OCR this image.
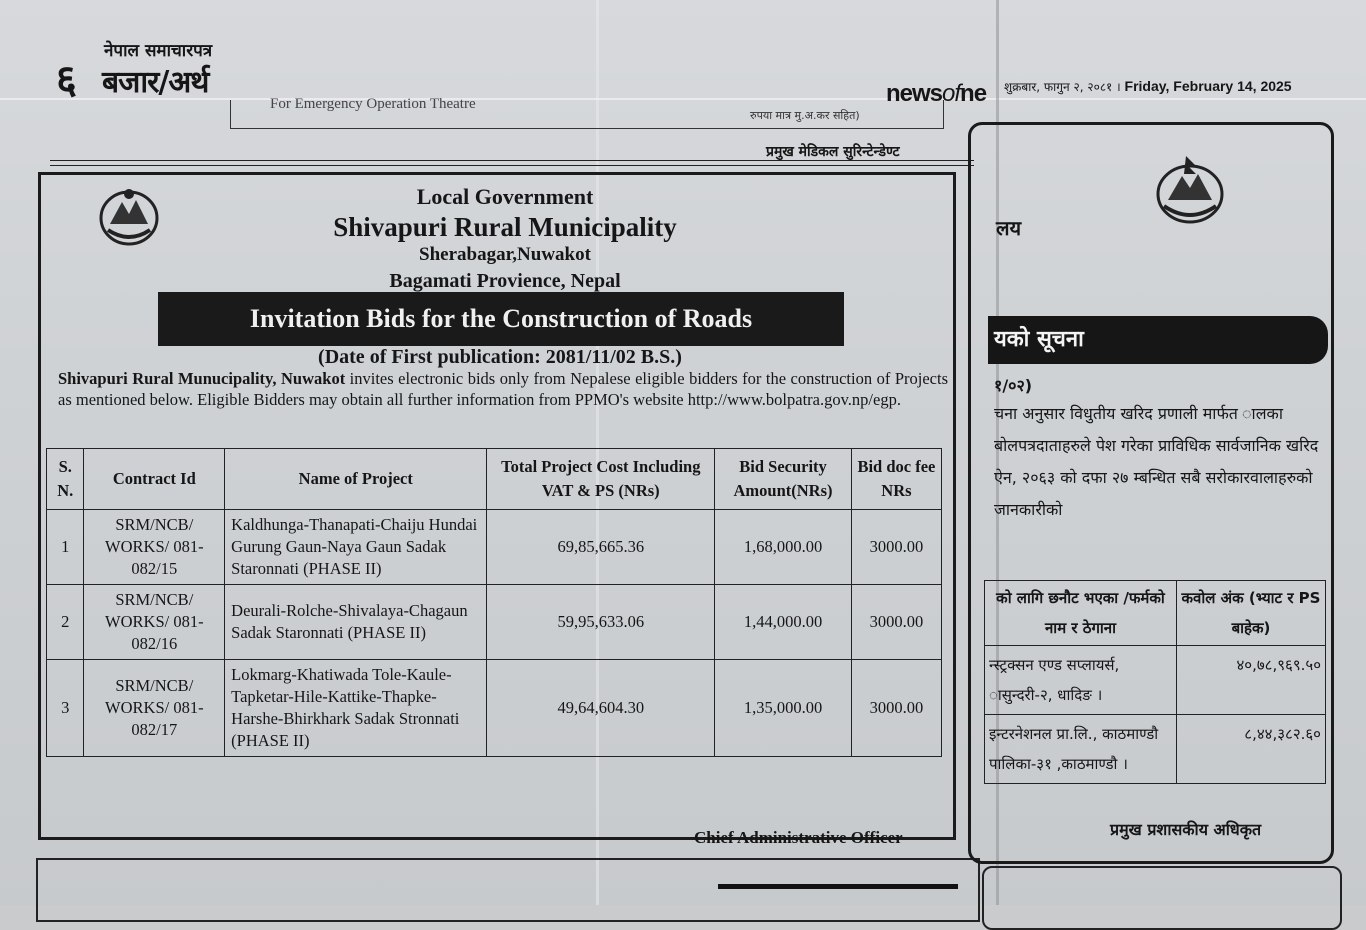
६
नेपाल समाचारपत्र
बजार/अर्थ	newsofne शुक्रबार, फागुन २, २०८१ । Friday, February 14, 2025
For Emergency Operation Theatre
रुपया मात्र मु.अ.कर सहित)
प्रमुख मेडिकल सुरिन्टेन्डेण्ट
Local Government
Shivapuri Rural Municipality
Sherabagar,Nuwakot
Bagamati Provience, Nepal
Invitation Bids for the Construction of Roads
(Date of First publication: 2081/11/02 B.S.)
Shivapuri Rural Munucipality, Nuwakot invites electronic bids only from Nepalese eligible bidders for the construction of Projects as mentioned below. Eligible Bidders may obtain all further information from PPMO's website http://www.bolpatra.gov.np/egp.
S. N.	Contract Id	Name of Project	Total Project Cost Including VAT & PS (NRs)	Bid Security Amount(NRs)	Bid doc fee NRs
1	SRM/NCB/ WORKS/ 081-082/15	Kaldhunga-Thanapati-Chaiju Hundai Gurung Gaun-Naya Gaun Sadak Staronnati (PHASE II)	69,85,665.36	1,68,000.00	3000.00
2	SRM/NCB/ WORKS/ 081-082/16	Deurali-Rolche-Shivalaya-Chagaun Sadak Staronnati (PHASE II)	59,95,633.06	1,44,000.00	3000.00
3	SRM/NCB/ WORKS/ 081-082/17	Lokmarg-Khatiwada Tole-Kaule-Tapketar-Hile-Kattike-Thapke-Harshe-Bhirkhark Sadak Stronnati (PHASE II)	49,64,604.30	1,35,000.00	3000.00
Chief Administrative Officer
लय
यको सूचना
१/०२)
चना अनुसार विधुतीय खरिद प्रणाली मार्फत ालका बोलपत्रदाताहरुले पेश गरेका प्राविधिक सार्वजानिक खरिद ऐन, २०६३ को दफा २७ म्बन्धित सबै सरोकारवालाहरुको जानकारीको
को लागि छनौट भएका /फर्मको नाम र ठेगाना	कवोल अंक (भ्याट र PS बाहेक)
न्स्ट्रक्सन एण्ड सप्लायर्स, ासुन्दरी-२, धादिङ ।	४०,७८,९६९.५०
इन्टरनेशनल प्रा.लि., काठमाण्डौ पालिका-३१ ,काठमाण्डौ ।	८,४४,३८२.६०
प्रमुख प्रशासकीय अधिकृत
